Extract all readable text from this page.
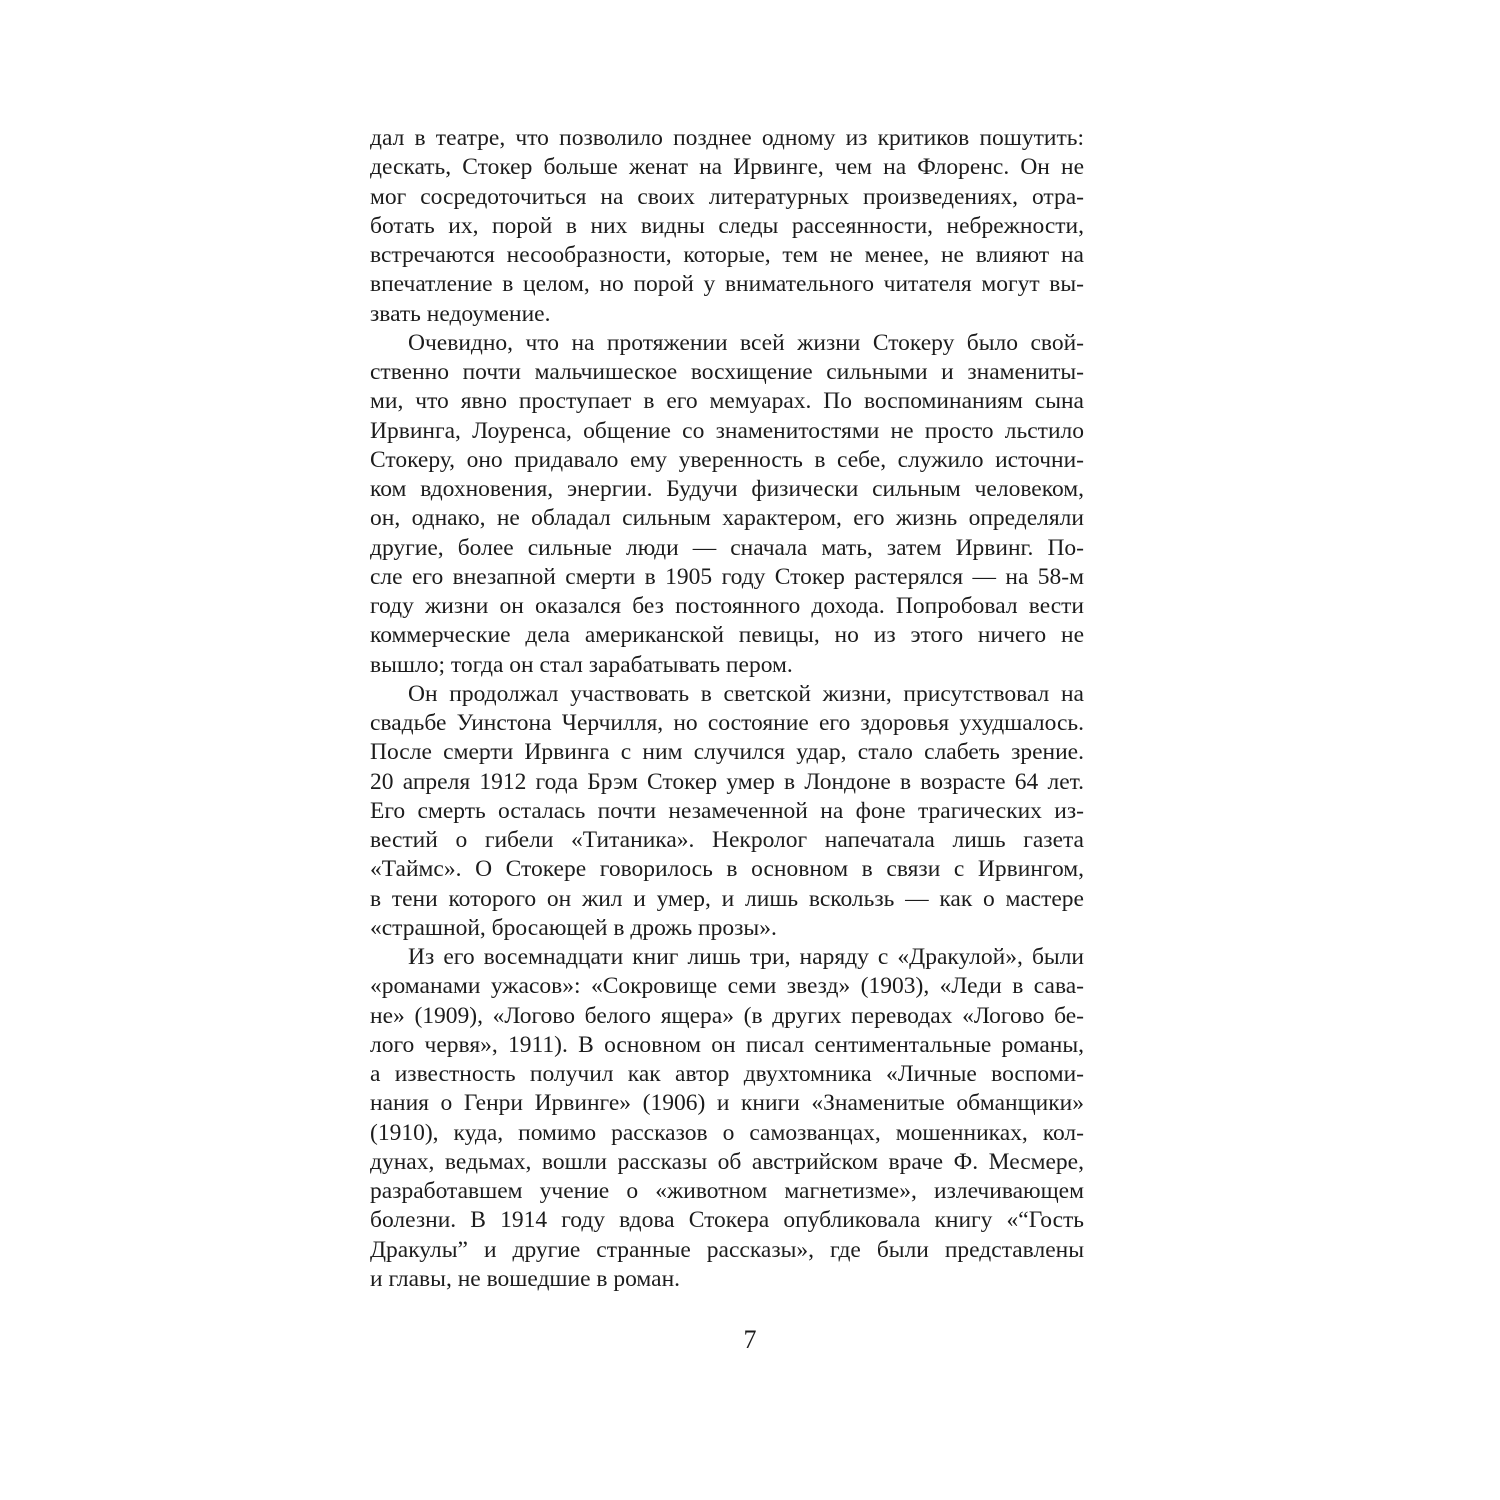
дал в театре, что позволило позднее одному из критиков пошутить:
дескать, Стокер больше женат на Ирвинге, чем на Флоренс. Он не
мог сосредоточиться на своих литературных произведениях, отра-
ботать их, порой в них видны следы рассеянности, небрежности,
встречаются несообразности, которые, тем не менее, не влияют на
впечатление в целом, но порой у внимательного читателя могут вы-
звать недоумение.
Очевидно, что на протяжении всей жизни Стокеру было свой-
ственно почти мальчишеское восхищение сильными и знамениты-
ми, что явно проступает в его мемуарах. По воспоминаниям сына
Ирвинга, Лоуренса, общение со знаменитостями не просто льстило
Стокеру, оно придавало ему уверенность в себе, служило источни-
ком вдохновения, энергии. Будучи физически сильным человеком,
он, однако, не обладал сильным характером, его жизнь определяли
другие, более сильные люди — сначала мать, затем Ирвинг. По-
сле его внезапной смерти в 1905 году Стокер растерялся — на 58-м
году жизни он оказался без постоянного дохода. Попробовал вести
коммерческие дела американской певицы, но из этого ничего не
вышло; тогда он стал зарабатывать пером.
Он продолжал участвовать в светской жизни, присутствовал на
свадьбе Уинстона Черчилля, но состояние его здоровья ухудшалось.
После смерти Ирвинга с ним случился удар, стало слабеть зрение.
20 апреля 1912 года Брэм Стокер умер в Лондоне в возрасте 64 лет.
Его смерть осталась почти незамеченной на фоне трагических из-
вестий о гибели «Титаника». Некролог напечатала лишь газета
«Таймс». О Стокере говорилось в основном в связи с Ирвингом,
в тени которого он жил и умер, и лишь вскользь — как о мастере
«страшной, бросающей в дрожь прозы».
Из его восемнадцати книг лишь три, наряду с «Дракулой», были
«романами ужасов»: «Сокровище семи звезд» (1903), «Леди в сава-
не» (1909), «Логово белого ящера» (в других переводах «Логово бе-
лого червя», 1911). В основном он писал сентиментальные романы,
а известность получил как автор двухтомника «Личные воспоми-
нания о Генри Ирвинге» (1906) и книги «Знаменитые обманщики»
(1910), куда, помимо рассказов о самозванцах, мошенниках, кол-
дунах, ведьмах, вошли рассказы об австрийском враче Ф. Месмере,
разработавшем учение о «животном магнетизме», излечивающем
болезни. В 1914 году вдова Стокера опубликовала книгу «“Гость
Дракулы” и другие странные рассказы», где были представлены
и главы, не вошедшие в роман.
7
